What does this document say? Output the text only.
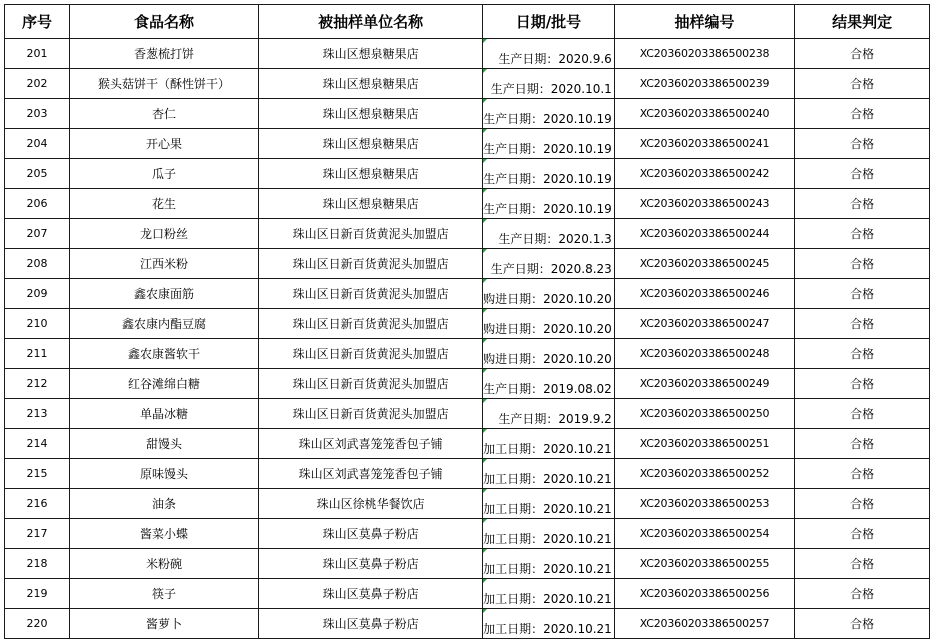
序号	食品名称	被抽样单位名称	日期/批号	抽样编号	结果判定
201	香葱梳打饼	珠山区想泉糖果店	生产日期：2020.9.6	XC20360203386500238	合格
202	猴头菇饼干（酥性饼干）	珠山区想泉糖果店	生产日期：2020.10.1	XC20360203386500239	合格
203	杏仁	珠山区想泉糖果店	生产日期：2020.10.19	XC20360203386500240	合格
204	开心果	珠山区想泉糖果店	生产日期：2020.10.19	XC20360203386500241	合格
205	瓜子	珠山区想泉糖果店	生产日期：2020.10.19	XC20360203386500242	合格
206	花生	珠山区想泉糖果店	生产日期：2020.10.19	XC20360203386500243	合格
207	龙口粉丝	珠山区日新百货黄泥头加盟店	生产日期：2020.1.3	XC20360203386500244	合格
208	江西米粉	珠山区日新百货黄泥头加盟店	生产日期：2020.8.23	XC20360203386500245	合格
209	鑫农康面筋	珠山区日新百货黄泥头加盟店	购进日期：2020.10.20	XC20360203386500246	合格
210	鑫农康内酯豆腐	珠山区日新百货黄泥头加盟店	购进日期：2020.10.20	XC20360203386500247	合格
211	鑫农康酱软干	珠山区日新百货黄泥头加盟店	购进日期：2020.10.20	XC20360203386500248	合格
212	红谷滩绵白糖	珠山区日新百货黄泥头加盟店	生产日期：2019.08.02	XC20360203386500249	合格
213	单晶冰糖	珠山区日新百货黄泥头加盟店	生产日期：2019.9.2	XC20360203386500250	合格
214	甜馒头	珠山区刘武喜笼笼香包子铺	加工日期：2020.10.21	XC20360203386500251	合格
215	原味馒头	珠山区刘武喜笼笼香包子铺	加工日期：2020.10.21	XC20360203386500252	合格
216	油条	珠山区徐桃华餐饮店	加工日期：2020.10.21	XC20360203386500253	合格
217	酱菜小蝶	珠山区莫鼻子粉店	加工日期：2020.10.21	XC20360203386500254	合格
218	米粉碗	珠山区莫鼻子粉店	加工日期：2020.10.21	XC20360203386500255	合格
219	筷子	珠山区莫鼻子粉店	加工日期：2020.10.21	XC20360203386500256	合格
220	酱萝卜	珠山区莫鼻子粉店	加工日期：2020.10.21	XC20360203386500257	合格
